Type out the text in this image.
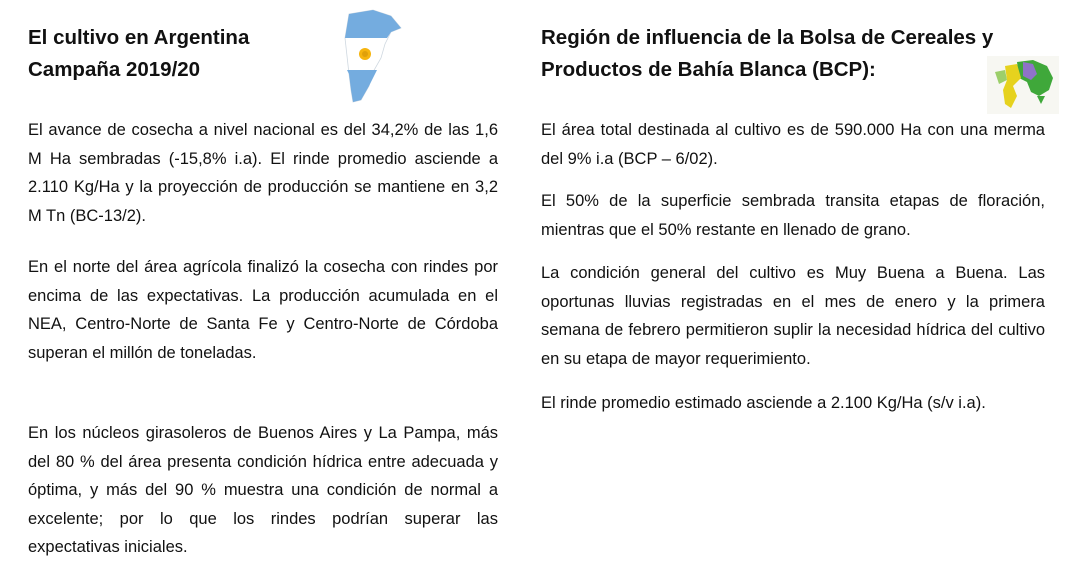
El cultivo en Argentina
Campaña 2019/20

El avance de cosecha a nivel nacional es del 34,2% de las 1,6 M Ha sembradas (-15,8% i.a). El rinde promedio asciende a 2.110 Kg/Ha y la proyección de producción se mantiene en 3,2 M Tn (BC-13/2).

En el norte del área agrícola finalizó la cosecha con rindes por encima de las expectativas. La producción acumulada en el NEA, Centro-Norte de Santa Fe y Centro-Norte de Córdoba superan el millón de toneladas.

En los núcleos girasoleros de Buenos Aires y La Pampa, más del 80 % del área presenta condición hídrica entre adecuada y óptima, y más del 90 % muestra una condición de normal a excelente; por lo que los rindes podrían superar las expectativas iniciales.

Región de influencia de la Bolsa de Cereales y
Productos de Bahía Blanca (BCP):

El área total destinada al cultivo es de 590.000 Ha con una merma del 9% i.a (BCP – 6/02).

El 50% de la superficie sembrada transita etapas de floración, mientras que el 50% restante en llenado de grano.

La condición general del cultivo es Muy Buena a Buena. Las oportunas lluvias registradas en el mes de enero y la primera semana de febrero permitieron suplir la necesidad hídrica del cultivo en su etapa de mayor requerimiento.

El rinde promedio estimado asciende a 2.100 Kg/Ha (s/v i.a).
